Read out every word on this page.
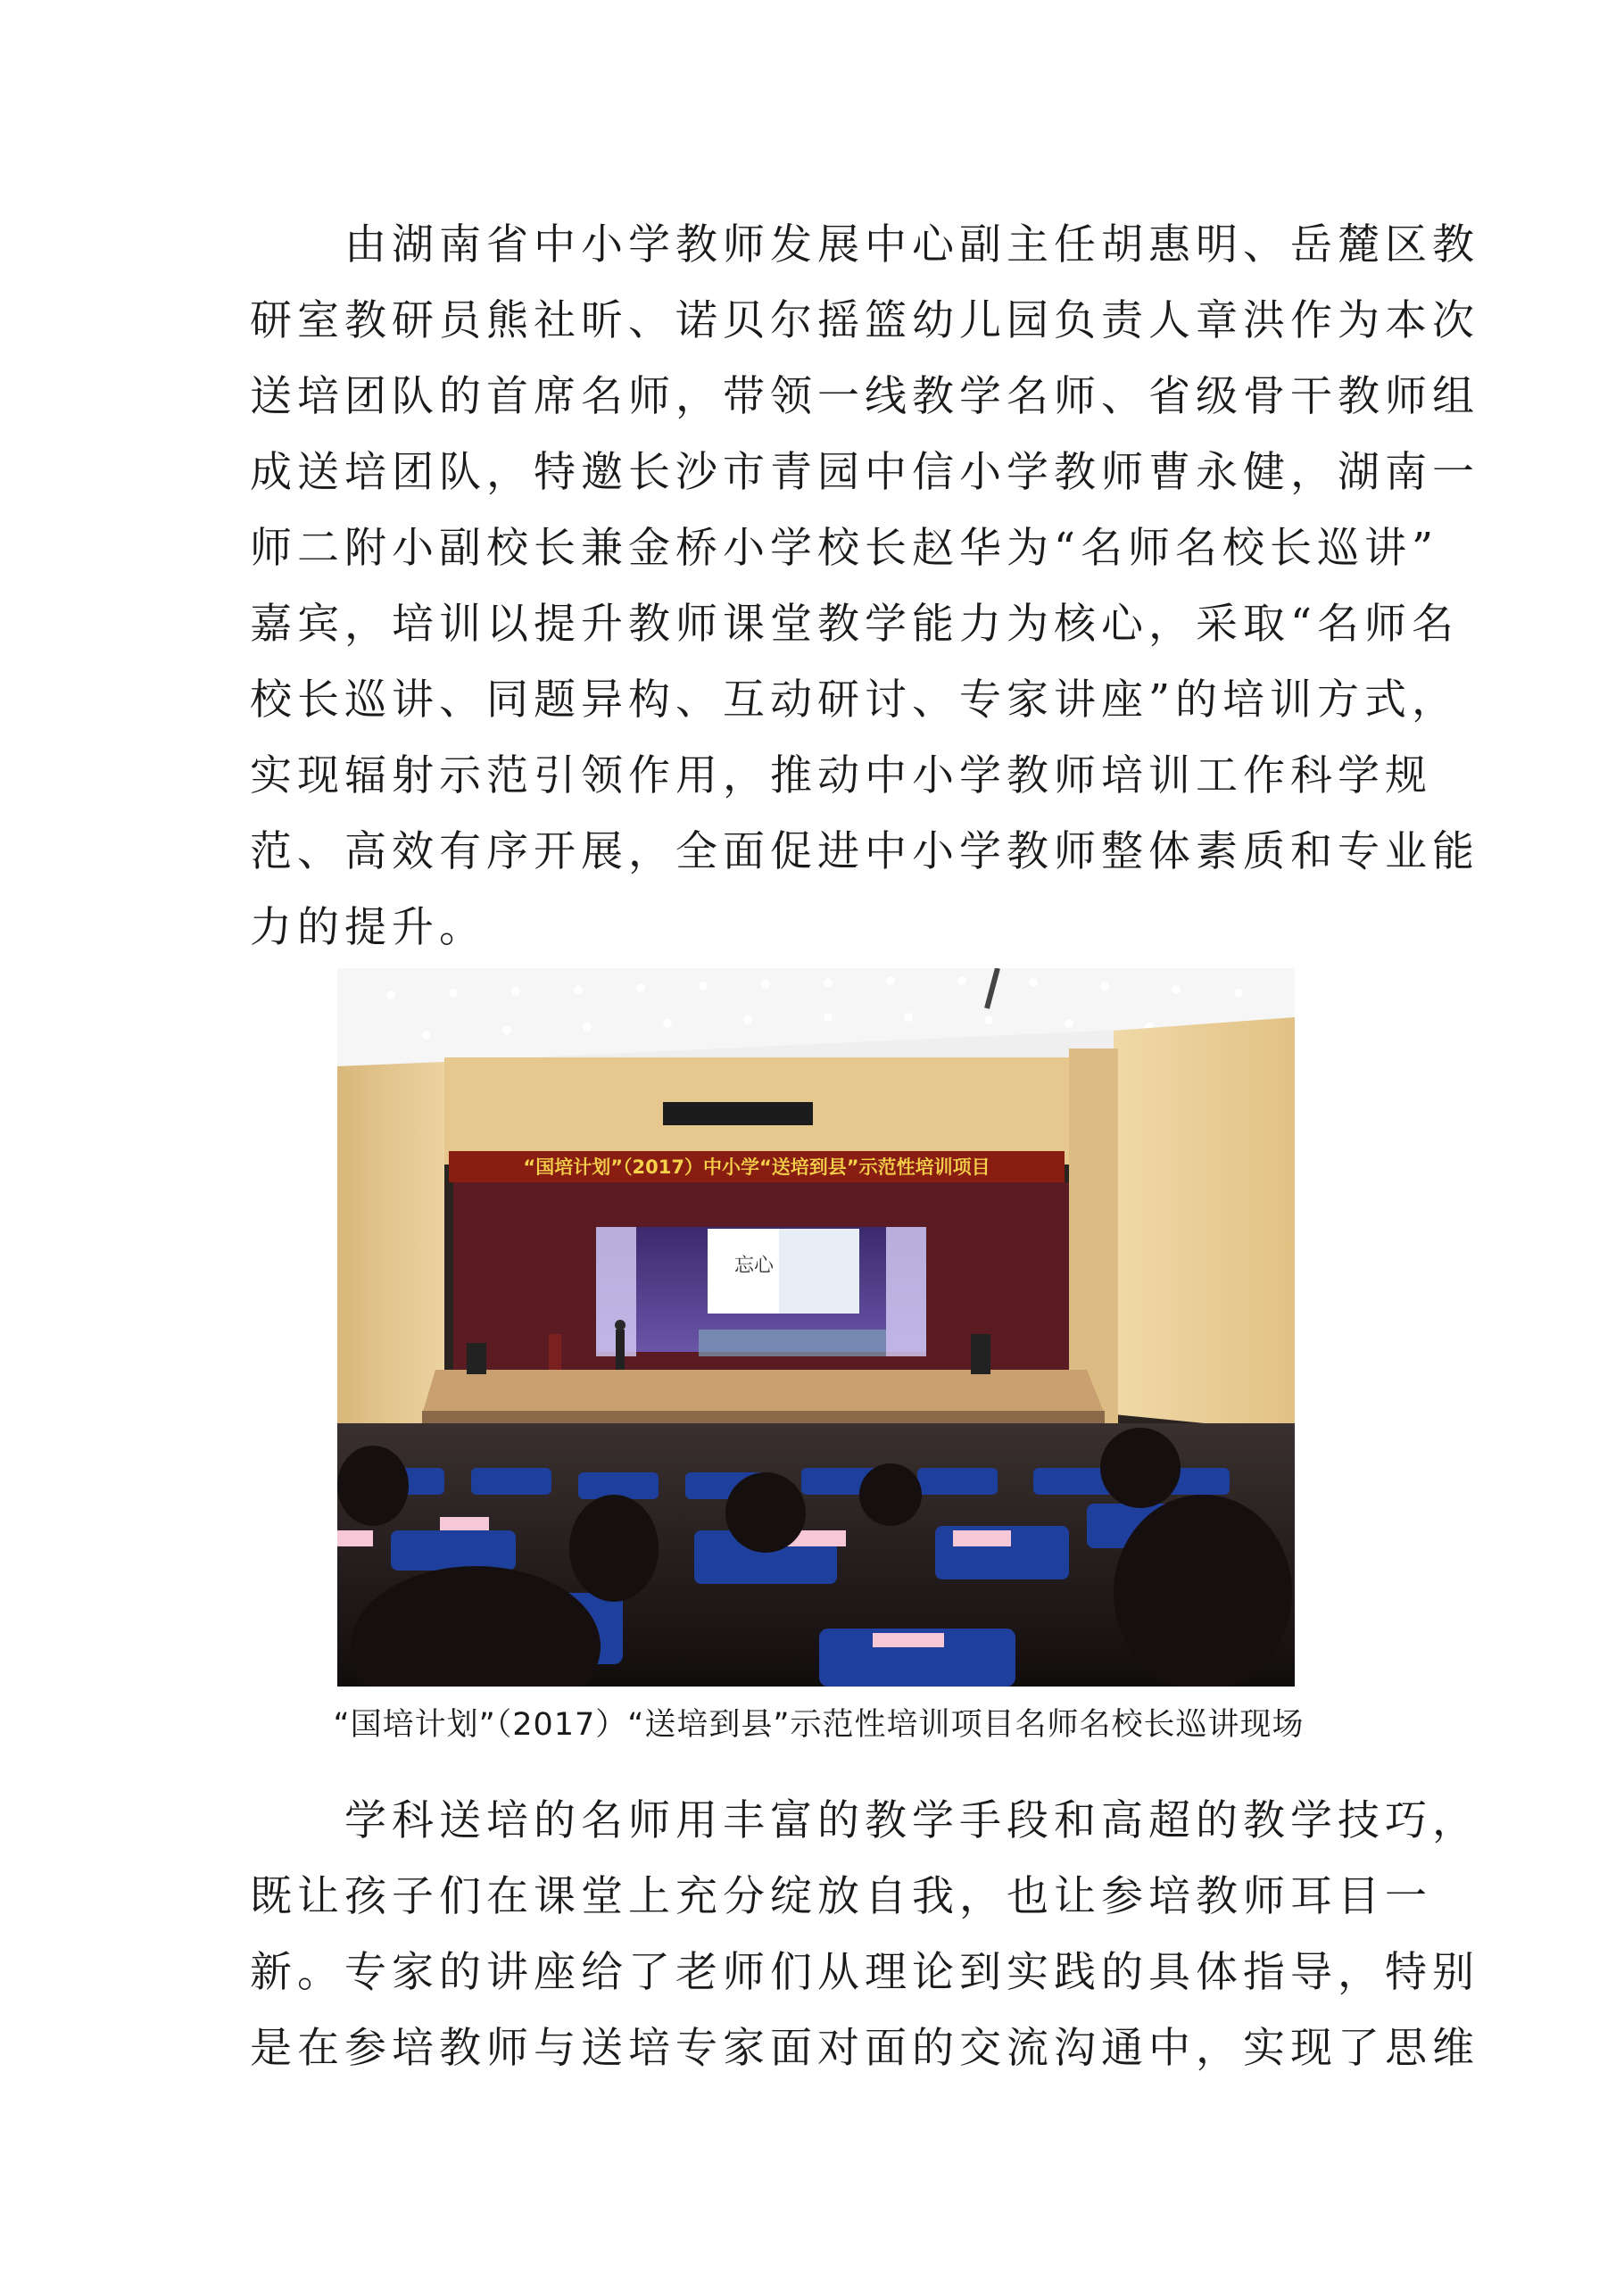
　　由湖南省中小学教师发展中心副主任胡惠明、岳麓区教
研室教研员熊社昕、诺贝尔摇篮幼儿园负责人章洪作为本次
送培团队的首席名师，带领一线教学名师、省级骨干教师组
成送培团队，特邀长沙市青园中信小学教师曹永健，湖南一
师二附小副校长兼金桥小学校长赵华为“名师名校长巡讲”
嘉宾，培训以提升教师课堂教学能力为核心，采取“名师名
校长巡讲、同题异构、互动研讨、专家讲座”的培训方式，
实现辐射示范引领作用，推动中小学教师培训工作科学规
范、高效有序开展，全面促进中小学教师整体素质和专业能
力的提升。
“国培计划”（2017）中小学“送培到县”示范性培训项目
忘心

“国培计划”（2017）“送培到县”示范性培训项目名师名校长巡讲现场

　　学科送培的名师用丰富的教学手段和高超的教学技巧，
既让孩子们在课堂上充分绽放自我，也让参培教师耳目一
新。专家的讲座给了老师们从理论到实践的具体指导，特别
是在参培教师与送培专家面对面的交流沟通中，实现了思维
